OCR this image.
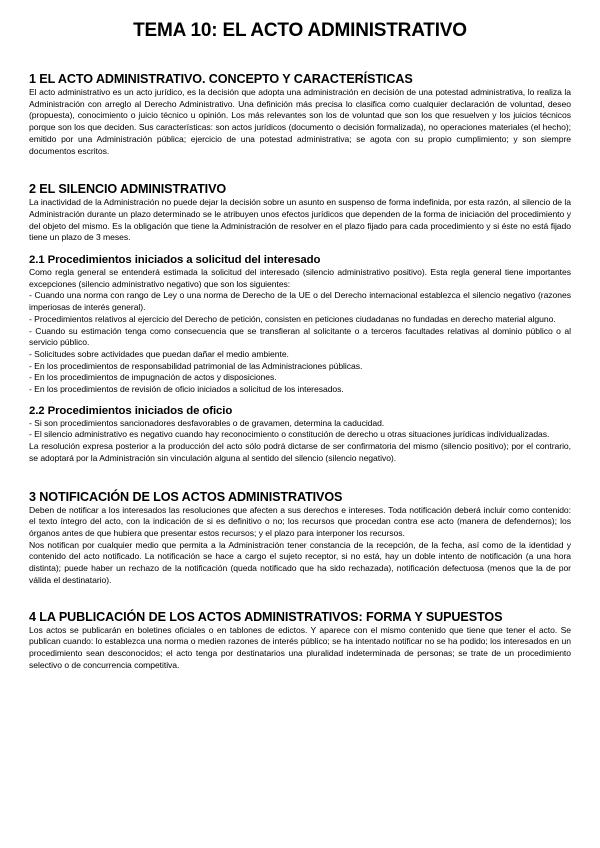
TEMA 10: EL ACTO ADMINISTRATIVO
1 EL ACTO ADMINISTRATIVO. CONCEPTO Y CARACTERÍSTICAS

El acto administrativo es un acto jurídico, es la decisión que adopta una administración en decisión de una potestad administrativa, lo realiza la Administración con arreglo al Derecho Administrativo. Una definición más precisa lo clasifica como cualquier declaración de voluntad, deseo (propuesta), conocimiento o juicio técnico u opinión. Los más relevantes son los de voluntad que son los que resuelven y los juicios técnicos porque son los que deciden. Sus características: son actos jurídicos (documento o decisión formalizada), no operaciones materiales (el hecho); emitido por una Administración pública; ejercicio de una potestad administrativa; se agota con su propio cumplimiento; y son siempre documentos escritos.

2 EL SILENCIO ADMINISTRATIVO

La inactividad de la Administración no puede dejar la decisión sobre un asunto en suspenso de forma indefinida, por esta razón, al silencio de la Administración durante un plazo determinado se le atribuyen unos efectos jurídicos que dependen de la forma de iniciación del procedimiento y del objeto del mismo. Es la obligación que tiene la Administración de resolver en el plazo fijado para cada procedimiento y si éste no está fijado tiene un plazo de 3 meses.

2.1 Procedimientos iniciados a solicitud del interesado

Como regla general se entenderá estimada la solicitud del interesado (silencio administrativo positivo). Esta regla general tiene importantes excepciones (silencio administrativo negativo) que son los siguientes:

- Cuando una norma con rango de Ley o una norma de Derecho de la UE o del Derecho internacional establezca el silencio negativo (razones imperiosas de interés general).

- Procedimientos relativos al ejercicio del Derecho de petición, consisten en peticiones ciudadanas no fundadas en derecho material alguno.

- Cuando su estimación tenga como consecuencia que se transfieran al solicitante o a terceros facultades relativas al dominio público o al servicio público.

- Solicitudes sobre actividades que puedan dañar el medio ambiente.

- En los procedimientos de responsabilidad patrimonial de las Administraciones públicas.

- En los procedimientos de impugnación de actos y disposiciones.

- En los procedimientos de revisión de oficio iniciados a solicitud de los interesados.

2.2 Procedimientos iniciados de oficio

- Si son procedimientos sancionadores desfavorables o de gravamen, determina la caducidad.

- El silencio administrativo es negativo cuando hay reconocimiento o constitución de derecho u otras situaciones jurídicas individualizadas.

La resolución expresa posterior a la producción del acto sólo podrá dictarse de ser confirmatoria del mismo (silencio positivo); por el contrario, se adoptará por la Administración sin vinculación alguna al sentido del silencio (silencio negativo).

3 NOTIFICACIÓN DE LOS ACTOS ADMINISTRATIVOS

Deben de notificar a los interesados las resoluciones que afecten a sus derechos e intereses. Toda notificación deberá incluir como contenido: el texto íntegro del acto, con la indicación de si es definitivo o no; los recursos que procedan contra ese acto (manera de defendernos); los órganos antes de que hubiera que presentar estos recursos; y el plazo para interponer los recursos.

Nos notifican por cualquier medio que permita a la Administración tener constancia de la recepción, de la fecha, así como de la identidad y contenido del acto notificado. La notificación se hace a cargo el sujeto receptor, si no está, hay un doble intento de notificación (a una hora distinta); puede haber un rechazo de la notificación (queda notificado que ha sido rechazada), notificación defectuosa (menos que la de por válida el destinatario).

4 LA PUBLICACIÓN DE LOS ACTOS ADMINISTRATIVOS: FORMA Y SUPUESTOS

Los actos se publicarán en boletines oficiales o en tablones de edictos. Y aparece con el mismo contenido que tiene que tener el acto. Se publican cuando: lo establezca una norma o medien razones de interés público; se ha intentado notificar no se ha podido; los interesados en un procedimiento sean desconocidos; el acto tenga por destinatarios una pluralidad indeterminada de personas; se trate de un procedimiento selectivo o de concurrencia competitiva.
